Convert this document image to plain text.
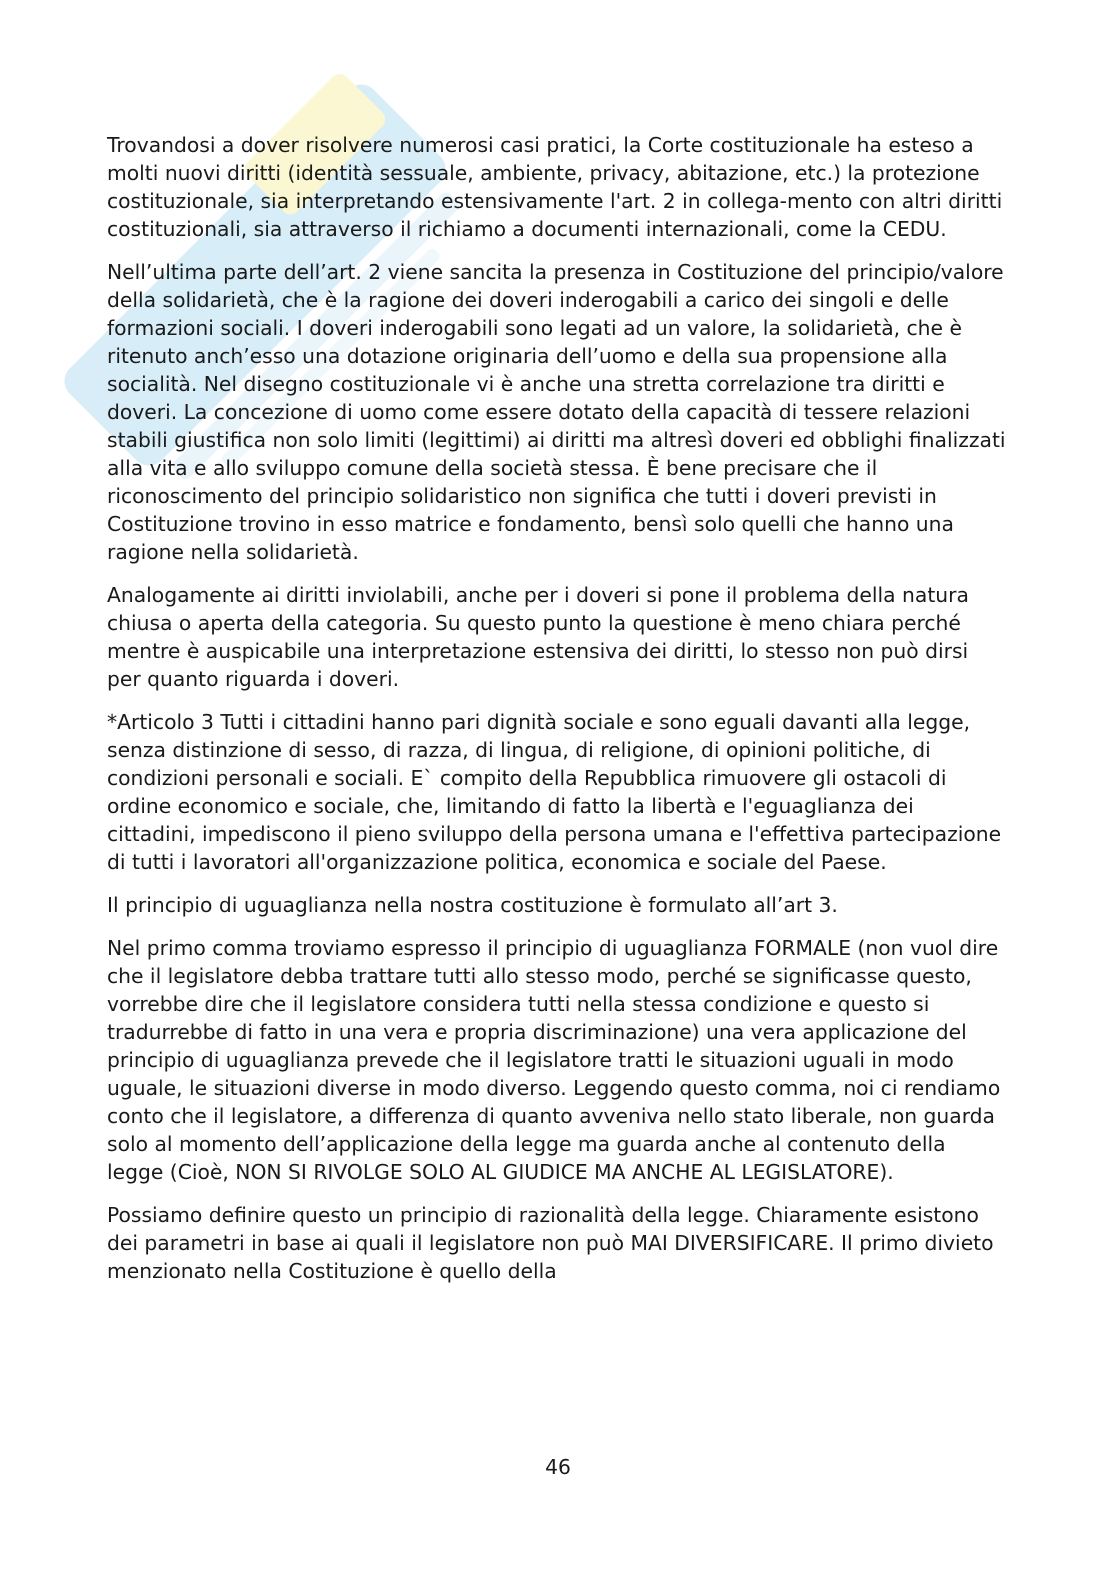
Trovandosi a dover risolvere numerosi casi pratici, la Corte costituzionale ha esteso a molti nuovi diritti (identità sessuale, ambiente, privacy, abitazione, etc.) la protezione costituzionale, sia interpretando estensivamente l'art. 2 in collega-mento con altri diritti costituzionali, sia attraverso il richiamo a documenti internazionali, come la CEDU.

Nell’ultima parte dell’art. 2 viene sancita la presenza in Costituzione del principio/valore della solidarietà, che è la ragione dei doveri inderogabili a carico dei singoli e delle formazioni sociali. I doveri inderogabili sono legati ad un valore, la solidarietà, che è ritenuto anch’esso una dotazione originaria dell’uomo e della sua propensione alla socialità. Nel disegno costituzionale vi è anche una stretta correlazione tra diritti e doveri. La concezione di uomo come essere dotato della capacità di tessere relazioni stabili giustifica non solo limiti (legittimi) ai diritti ma altresì doveri ed obblighi finalizzati alla vita e allo sviluppo comune della società stessa. È bene precisare che il riconoscimento del principio solidaristico non significa che tutti i doveri previsti in Costituzione trovino in esso matrice e fondamento, bensì solo quelli che hanno una ragione nella solidarietà.

Analogamente ai diritti inviolabili, anche per i doveri si pone il problema della natura chiusa o aperta della categoria. Su questo punto la questione è meno chiara perché mentre è auspicabile una interpretazione estensiva dei diritti, lo stesso non può dirsi per quanto riguarda i doveri.

*Articolo 3 Tutti i cittadini hanno pari dignità sociale e sono eguali davanti alla legge, senza distinzione di sesso, di razza, di lingua, di religione, di opinioni politiche, di condizioni personali e sociali. E` compito della Repubblica rimuovere gli ostacoli di ordine economico e sociale, che, limitando di fatto la libertà e l'eguaglianza dei cittadini, impediscono il pieno sviluppo della persona umana e l'effettiva partecipazione di tutti i lavoratori all'organizzazione politica, economica e sociale del Paese.

Il principio di uguaglianza nella nostra costituzione è formulato all’art 3.

Nel primo comma troviamo espresso il principio di uguaglianza FORMALE (non vuol dire che il legislatore debba trattare tutti allo stesso modo, perché se significasse questo, vorrebbe dire che il legislatore considera tutti nella stessa condizione e questo si tradurrebbe di fatto in una vera e propria discriminazione) una vera applicazione del principio di uguaglianza prevede che il legislatore tratti le situazioni uguali in modo uguale, le situazioni diverse in modo diverso. Leggendo questo comma, noi ci rendiamo conto che il legislatore, a differenza di quanto avveniva nello stato liberale, non guarda solo al momento dell’applicazione della legge ma guarda anche al contenuto della legge (Cioè, NON SI RIVOLGE SOLO AL GIUDICE MA ANCHE AL LEGISLATORE).

Possiamo definire questo un principio di razionalità della legge. Chiaramente esistono dei parametri in base ai quali il legislatore non può MAI DIVERSIFICARE. Il primo divieto menzionato nella Costituzione è quello della

46
